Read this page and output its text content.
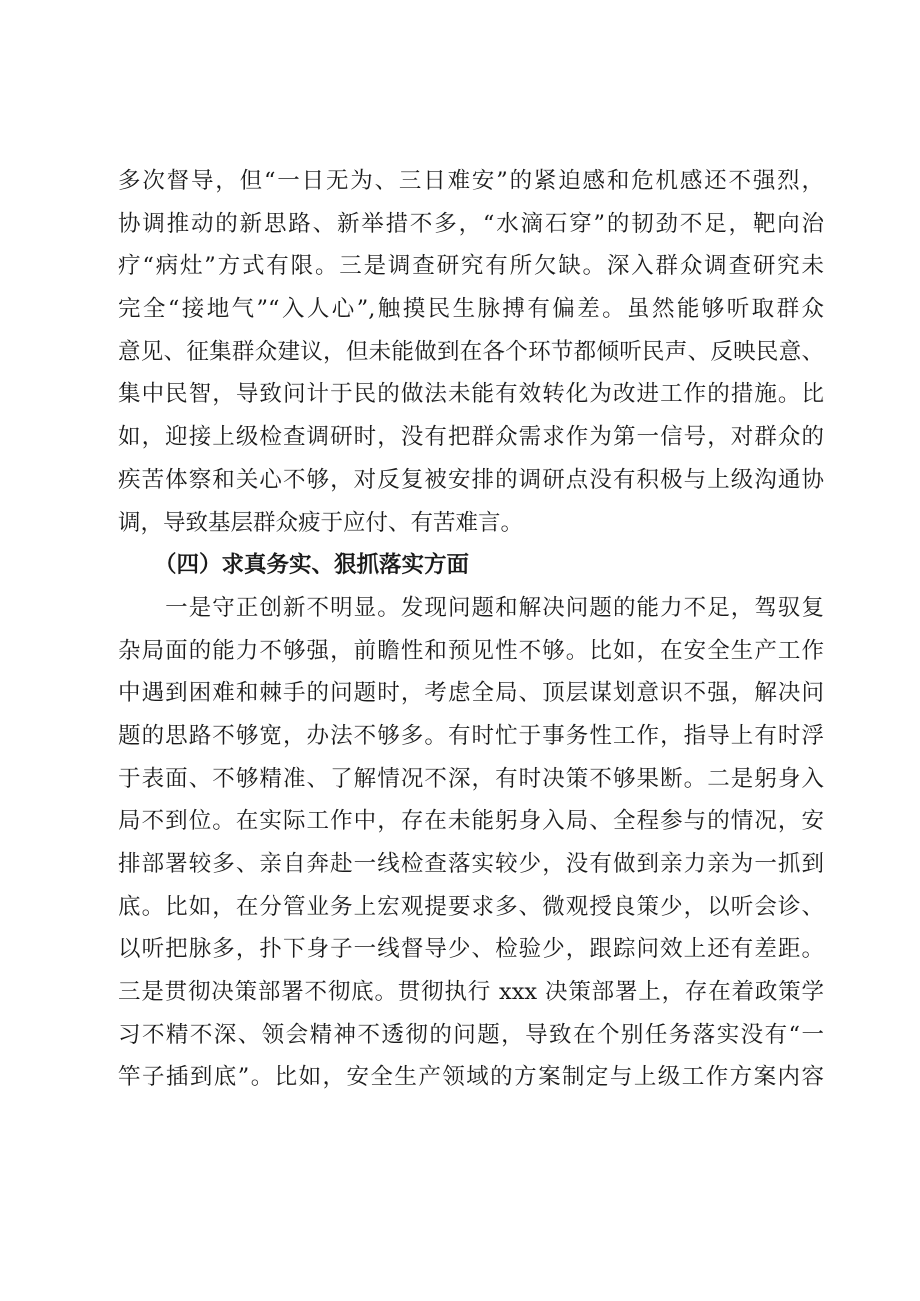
多次督导，但“一日无为、三日难安”的紧迫感和危机感还不强烈，
协调推动的新思路、新举措不多，“水滴石穿”的韧劲不足，靶向治
疗“病灶”方式有限。三是调查研究有所欠缺。深入群众调查研究未
完全“接地气”“入人心”,触摸民生脉搏有偏差。虽然能够听取群众
意见、征集群众建议，但未能做到在各个环节都倾听民声、反映民意、
集中民智，导致问计于民的做法未能有效转化为改进工作的措施。比
如，迎接上级检查调研时，没有把群众需求作为第一信号，对群众的
疾苦体察和关心不够，对反复被安排的调研点没有积极与上级沟通协
调，导致基层群众疲于应付、有苦难言。
（四）求真务实、狠抓落实方面
　　一是守正创新不明显。发现问题和解决问题的能力不足，驾驭复
杂局面的能力不够强，前瞻性和预见性不够。比如，在安全生产工作
中遇到困难和棘手的问题时，考虑全局、顶层谋划意识不强，解决问
题的思路不够宽，办法不够多。有时忙于事务性工作，指导上有时浮
于表面、不够精准、了解情况不深，有时决策不够果断。二是躬身入
局不到位。在实际工作中，存在未能躬身入局、全程参与的情况，安
排部署较多、亲自奔赴一线检查落实较少，没有做到亲力亲为一抓到
底。比如，在分管业务上宏观提要求多、微观授良策少，以听会诊、
以听把脉多，扑下身子一线督导少、检验少，跟踪问效上还有差距。
三是贯彻决策部署不彻底。贯彻执行 xxx 决策部署上，存在着政策学
习不精不深、领会精神不透彻的问题，导致在个别任务落实没有“一
竿子插到底”。比如，安全生产领域的方案制定与上级工作方案内容
